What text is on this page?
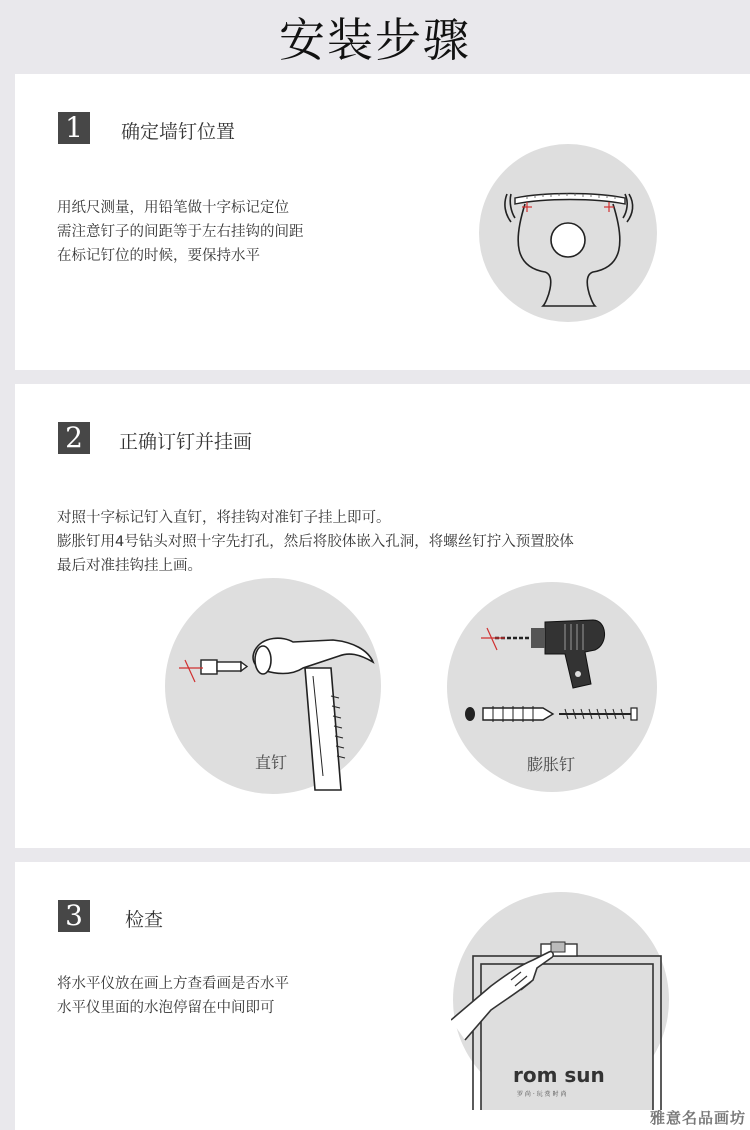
安装步骤
1	确定墙钉位置
用纸尺测量，用铅笔做十字标记定位
需注意钉子的间距等于左右挂钩的间距
在标记钉位的时候，要保持水平
2	正确订钉并挂画
对照十字标记钉入直钉，将挂钩对准钉子挂上即可。
膨胀钉用4号钻头对照十字先打孔，然后将胶体嵌入孔洞，将螺丝钉拧入预置胶体
最后对准挂钩挂上画。
直钉	膨胀钉
3	检查
将水平仪放在画上方查看画是否水平
水平仪里面的水泡停留在中间即可
rom sun
罗 尚 · 玩 赏 时 尚
雅意名品画坊
